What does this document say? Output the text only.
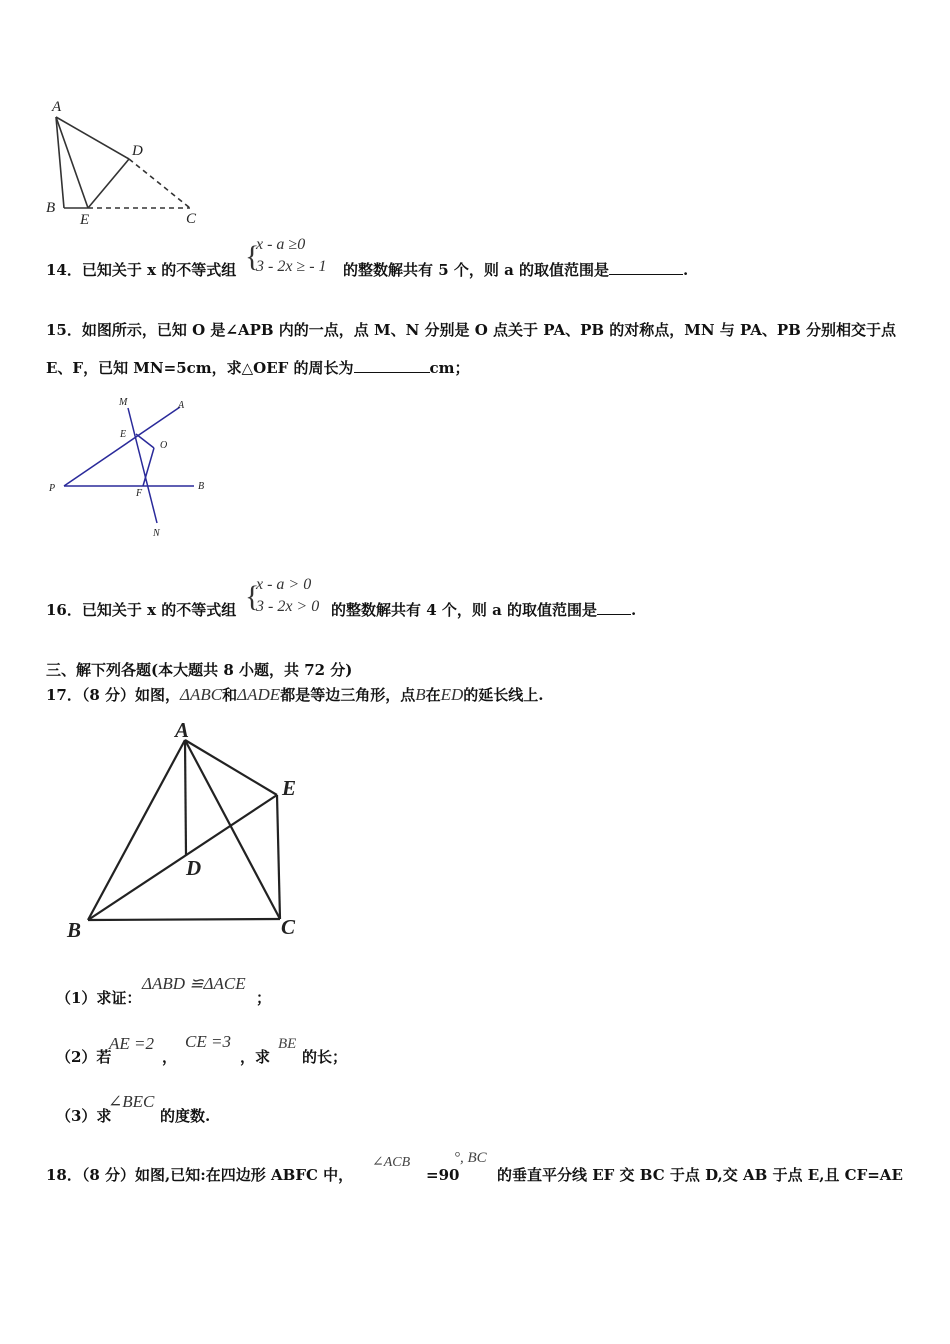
A
D
B
E	C
{
x - a ≥0
3 - 2x ≥ - 1
14．已知关于 x 的不等式组	的整数解共有 5 个，则 a 的取值范围是	.
15．如图所示，已知 O 是∠APB 内的一点，点 M、N 分别是 O 点关于 PA、PB 的对称点，MN 与 PA、PB 分别相交于点
E、F，已知 MN=5cm，求△OEF 的周长为	cm；
M	A
E
O
P	F
B
N
{
x - a > 0
3 - 2x > 0
16．已知关于 x 的不等式组	的整数解共有 4 个，则 a 的取值范围是 .
三、解下列各题(本大题共 8 小题，共 72 分)
17．（8 分）如图，ΔABC和ΔADE都是等边三角形，点B在ED的延长线上.
A
E
D
B	C
（1）求证：
ΔABD ≌ΔACE
；
（2）若
AE =2
，
CE =3
，求
BE
的长；
（3）求
∠BEC
的度数.
18．（8 分）如图,已知:在四边形 ABFC 中，
∠ACB
=90
°, BC
的垂直平分线 EF 交 BC 于点 D,交 AB 于点 E,且 CF=AE
